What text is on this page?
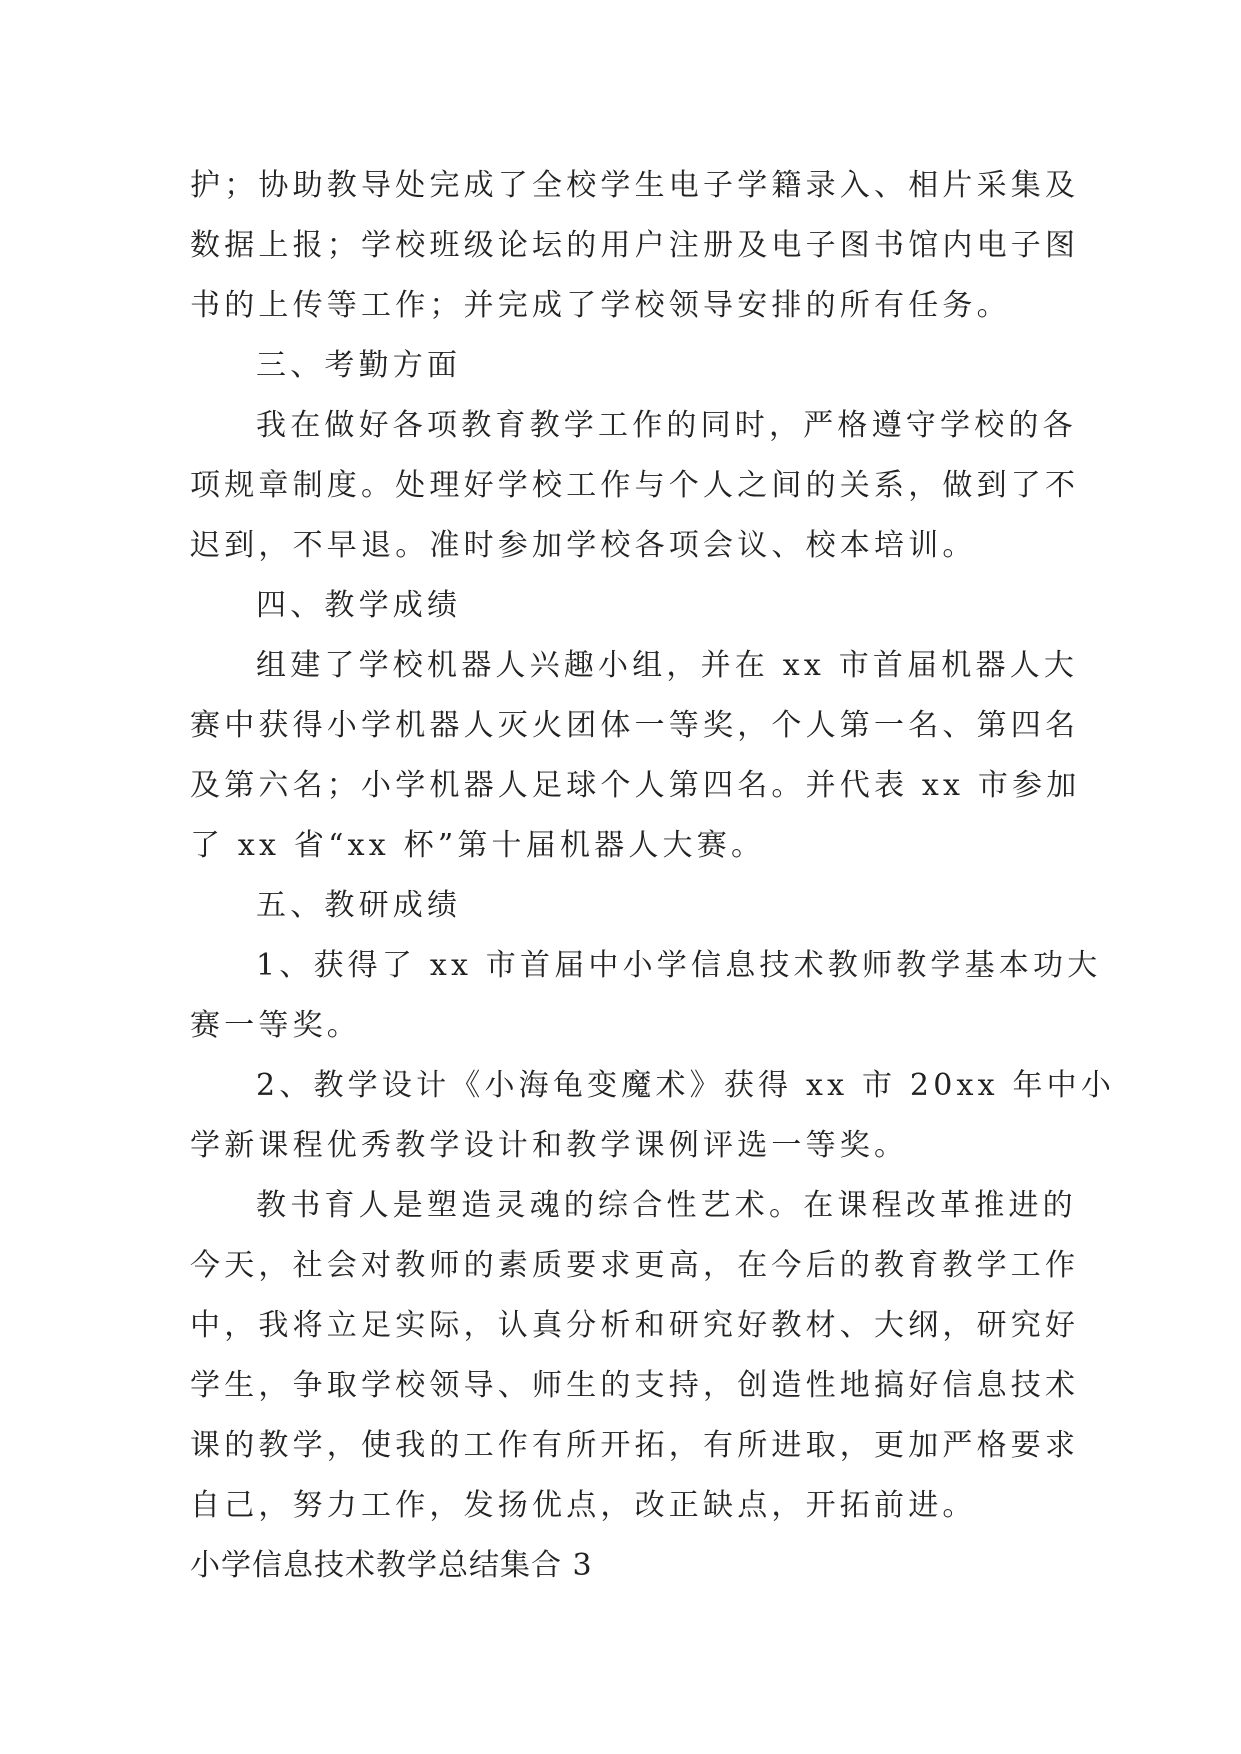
护；协助教导处完成了全校学生电子学籍录入、相片采集及
数据上报；学校班级论坛的用户注册及电子图书馆内电子图
书的上传等工作；并完成了学校领导安排的所有任务。
三、考勤方面
我在做好各项教育教学工作的同时，严格遵守学校的各
项规章制度。处理好学校工作与个人之间的关系，做到了不
迟到，不早退。准时参加学校各项会议、校本培训。
四、教学成绩
组建了学校机器人兴趣小组，并在 xx 市首届机器人大
赛中获得小学机器人灭火团体一等奖，个人第一名、第四名
及第六名；小学机器人足球个人第四名。并代表 xx 市参加
了 xx 省“xx 杯”第十届机器人大赛。
五、教研成绩
1、获得了 xx 市首届中小学信息技术教师教学基本功大
赛一等奖。
2、教学设计《小海龟变魔术》获得 xx 市 20xx 年中小
学新课程优秀教学设计和教学课例评选一等奖。
教书育人是塑造灵魂的综合性艺术。在课程改革推进的
今天，社会对教师的素质要求更高，在今后的教育教学工作
中，我将立足实际，认真分析和研究好教材、大纲，研究好
学生，争取学校领导、师生的支持，创造性地搞好信息技术
课的教学，使我的工作有所开拓，有所进取，更加严格要求
自己，努力工作，发扬优点，改正缺点，开拓前进。
小学信息技术教学总结集合 3
